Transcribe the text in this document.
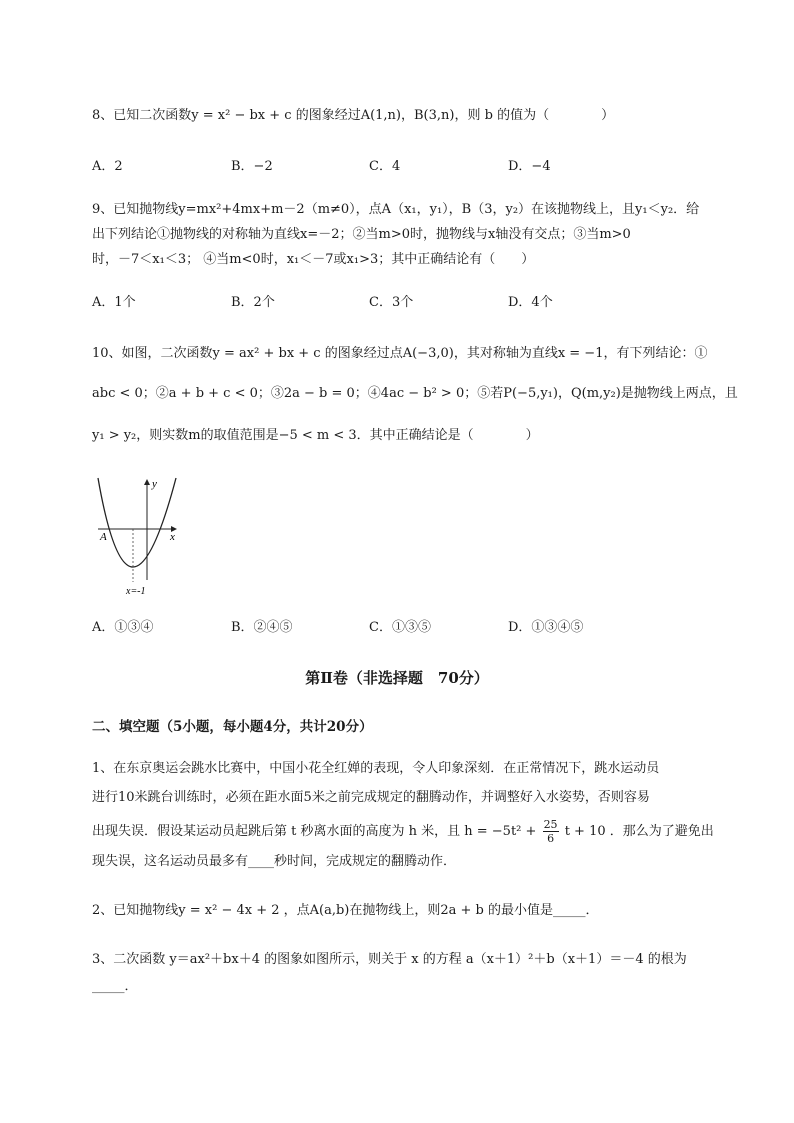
8、已知二次函数y = x² − bx + c 的图象经过A(1,n)，B(3,n)，则 b 的值为（　　　　）
A．2	B．−2	C．4	D．−4
9、已知抛物线y=mx²+4mx+m－2（m≠0），点A（x₁，y₁），B（3，y₂）在该抛物线上，且y₁＜y₂．给
出下列结论①抛物线的对称轴为直线x=－2；②当m>0时，抛物线与x轴没有交点；③当m>0
时，－7＜x₁＜3； ④当m<0时，x₁＜－7或x₁>3；其中正确结论有（　　）
A．1个	B．2个	C．3个	D．4个
10、如图，二次函数y = ax² + bx + c 的图象经过点A(−3,0)，其对称轴为直线x = −1，有下列结论：①
abc < 0；②a + b + c < 0；③2a − b = 0；④4ac − b² > 0；⑤若P(−5,y₁)，Q(m,y₂)是抛物线上两点，且
y₁ > y₂，则实数m的取值范围是−5 < m < 3．其中正确结论是（　　　　）
y
x
A
x=-1
A．①③④	B．②④⑤	C．①③⑤	D．①③④⑤
第Ⅱ卷（非选择题　70分）
二、填空题（5小题，每小题4分，共计20分）
1、在东京奥运会跳水比赛中，中国小花全红婵的表现，令人印象深刻．在正常情况下，跳水运动员
进行10米跳台训练时，必须在距水面5米之前完成规定的翻腾动作，并调整好入水姿势，否则容易
出现失误．假设某运动员起跳后第 t 秒离水面的高度为 h 米，且 $h = -5t^2 + \frac{25}{6}$ t + 10 ．那么为了避免出
现失误，这名运动员最多有____秒时间，完成规定的翻腾动作．
2、已知抛物线y = x² − 4x + 2 ，点A(a,b)在抛物线上，则2a + b 的最小值是_____．
3、二次函数 y＝ax²＋bx＋4 的图象如图所示，则关于 x 的方程 a（x＋1）²＋b（x＋1）＝－4 的根为
_____．
